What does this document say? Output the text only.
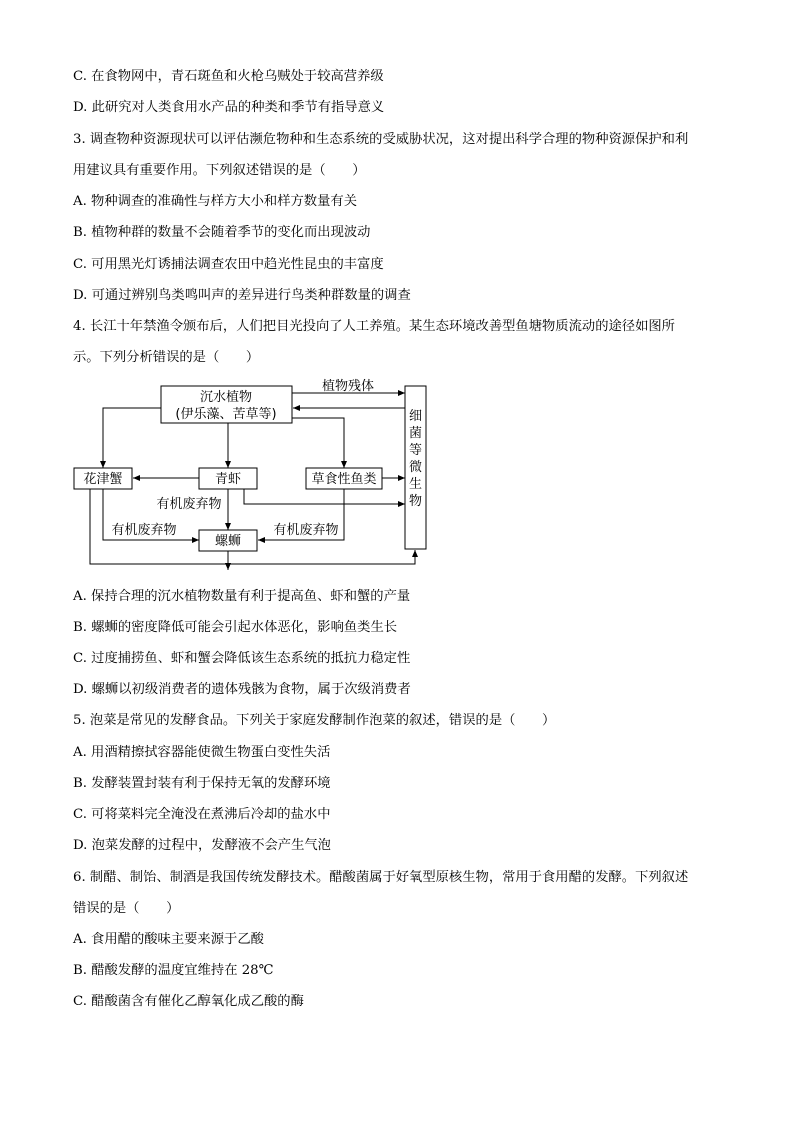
C. 在食物网中，青石斑鱼和火枪乌贼处于较高营养级
D. 此研究对人类食用水产品的种类和季节有指导意义
3. 调查物种资源现状可以评估濒危物种和生态系统的受威胁状况，这对提出科学合理的物种资源保护和利
用建议具有重要作用。下列叙述错误的是（　　）
A. 物种调查的准确性与样方大小和样方数量有关
B. 植物种群的数量不会随着季节的变化而出现波动
C. 可用黑光灯诱捕法调查农田中趋光性昆虫的丰富度
D. 可通过辨别鸟类鸣叫声的差异进行鸟类种群数量的调查
4. 长江十年禁渔令颁布后，人们把目光投向了人工养殖。某生态环境改善型鱼塘物质流动的途径如图所
示。下列分析错误的是（　　）
沉水植物
(伊乐藻、苦草等)	细
菌
等
微
生
物
花津蟹	青虾	草食性鱼类
螺蛳
植物残体
有机废弃物
有机废弃物	有机废弃物
A. 保持合理的沉水植物数量有利于提高鱼、虾和蟹的产量
B. 螺蛳的密度降低可能会引起水体恶化，影响鱼类生长
C. 过度捕捞鱼、虾和蟹会降低该生态系统的抵抗力稳定性
D. 螺蛳以初级消费者的遗体残骸为食物，属于次级消费者
5. 泡菜是常见的发酵食品。下列关于家庭发酵制作泡菜的叙述，错误的是（　　）
A. 用酒精擦拭容器能使微生物蛋白变性失活
B. 发酵装置封装有利于保持无氧的发酵环境
C. 可将菜料完全淹没在煮沸后冷却的盐水中
D. 泡菜发酵的过程中，发酵液不会产生气泡
6. 制醋、制饴、制酒是我国传统发酵技术。醋酸菌属于好氧型原核生物，常用于食用醋的发酵。下列叙述
错误的是（　　）
A. 食用醋的酸味主要来源于乙酸
B. 醋酸发酵的温度宜维持在 28℃
C. 醋酸菌含有催化乙醇氧化成乙酸的酶
